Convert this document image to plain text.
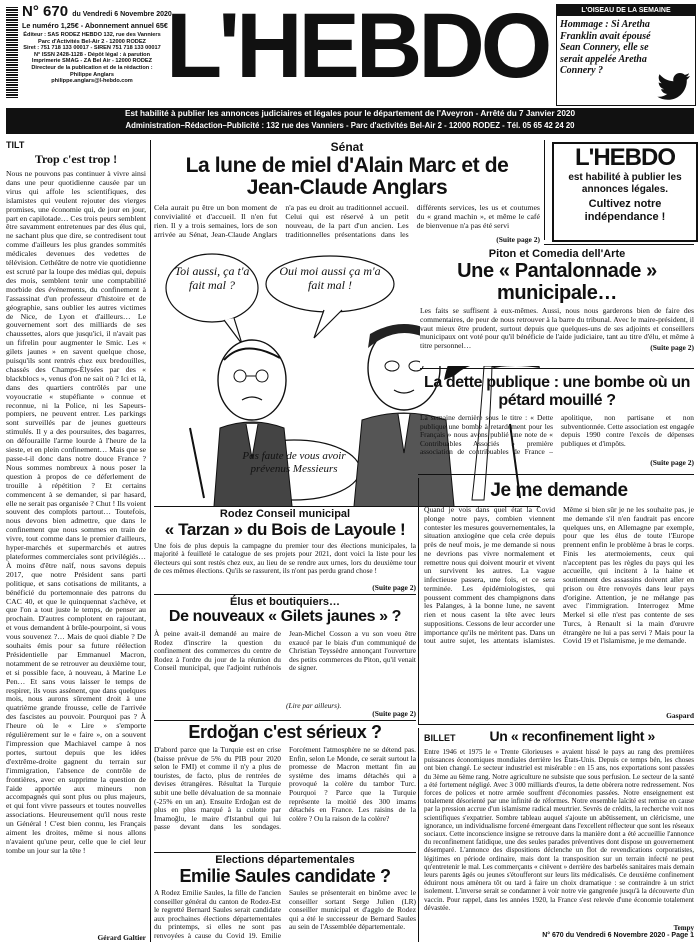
N° 670 du Vendredi 6 Novembre 2020
Le numéro 1,25€ - Abonnement annuel 65€
Éditeur : SAS RODEZ HEBDO 132, rue des Vanniers
Parc d'Activités Bel-Air 2 - 12000 RODEZ
Siret : 751 718 133 00017 - SIREN 751 718 133 00017
N° ISSN 2428-1128 - Dépôt légal : à parution
Imprimerie SMAG - ZA Bel Air - 12000 RODEZ
Directeur de la publication et de la rédaction : Philippe Anglars
philippe.anglars@l-hebdo.com L'HEBDO	L'OISEAU DE LA SEMAINE
Hommage : Si Aretha Franklin avait épousé Sean Connery, elle se serait appelée Aretha Connery ?
Est habilité à publier les annonces judiciaires et légales pour le département de l'Aveyron - Arrêté du 7 Janvier 2020
Administration–Rédaction–Publicité : 132 rue des Vanniers - Parc d'activités Bel-Air 2 - 12000 RODEZ - Tél. 05 65 42 24 20
TILT
Trop c'est trop !

Nous ne pouvons pas continuer à vivre ainsi dans une peur quotidienne causée par un virus qui affole les scientifiques, des islamistes qui veulent rejouter des vierges promises, une économie qui, de jour en jour, part en capilotade… Ces trois peurs semblent être savamment entretenues par des élus qui, ne sachant plus que dire, se contredisent tout comme d'ailleurs les plus grandes sommités médicales devenues des vedettes de télévision. Cethéâtre de notre vie quotidienne est scruté par la loupe des médias qui, depuis des mois, semblent tenir une comptabilité morbide des événements, du confinement à l'assassinat d'un professeur d'histoire et de géographie, sans oublier les autres victimes de Nice, de Lyon et d'ailleurs… Le gouvernement sort des milliards de ses chaussettes, alors que jusqu'ici, il n'avait pas un fifrelin pour augmenter le Smic. Les « gilets jaunes » en savent quelque chose, puisqu'ils sont rentrés chez eux bredouilles, chassés des Champs-Élysées par des « blackblocs », venus d'on ne sait où ? Ici et là, dans des quartiers contrôlés par une voyoucratie « stupéfiante » connue et reconnue, ni la Police, ni les Sapeurs-pompiers, ne peuvent entrer. Les parkings sont surveillés par de jeunes guetteurs stimulés. Il y a des poursuites, des bagarres, on défouraille l'arme lourde à l'heure de la sieste, et en plein confinement… Mais que se passe-t-il donc dans notre douce France ? Nous sommes nombreux à nous poser la question à propos de ce déferlement de trouille à répétition ? Et certains commencent à se demander, si par hasard, elle ne serait pas organisée ? Chut ! Ils voient souvent des complots partout… Toutefois, nous devons bien admettre, que dans le confinement que nous sommes en train de vivre, tout comme dans le premier d'ailleurs, hyper-marchés et supermarchés et autres plateformes commerciales sont privilégiés… À moins d'être naïf, nous savons depuis 2017, que notre Président sans parti politique, et sans cotisations de militants, a bénéficié du portemonnaie des patrons du CAC 40, et que le quinquennat s'achève, et que l'on a tout juste le temps, de penser au prochain. D'autres complotent en rajoutant, et vous demandent à brûle-pourpoint, si vous vous souvenez ?… Mais de quoi diable ? De souhaits émis pour sa future réélection Présidentielle par Emmanuel Macron, notamment de se retrouver au deuxième tour, et si possible face, à nouveau, à Marine Le Pen… Et sans vous laisser le temps de respirer, ils vous assènent, que dans quelques mois, nous aurons sûrement droit à une quatrième grande frousse, celle de l'arrivée des fascistes au pouvoir. Pourquoi pas ? À l'heure où le « Lire » s'emporte régulièrement sur le « faire », on a souvent l'impression que Machiavel campe à nos portes, surtout depuis que les idées d'extrême-droite gagnent du terrain sur l'immigration, l'absence de contrôle de frontières, avec en supprime la question de l'aide apportée aux mineurs non accompagnés qui sont plus ou plus majeurs, et qui font vivre passeurs et toutes nouvelles associations. Heureusement qu'il nous reste un Général ! C'est bien connu, les Français aiment les droites, même si nous allons n'avaient qu'une peur, celle que le ciel leur tombe un jour sur la tête !

Gérard Galtier
Sénat
La lune de miel d'Alain Marc et de Jean-Claude Anglars

Cela aurait pu être un bon moment de convivialité et d'accueil. Il n'en fut rien. Il y a trois semaines, lors de son arrivée au Sénat, Jean-Claude Anglars n'a pas eu droit au traditionnel accueil. Celui qui est réservé à un petit nouveau, de la part d'un ancien. Les traditionnelles présentations dans les différents services, les us et coutumes du « grand machin », et même le café de bienvenue n'a pas été servi

(Suite page 2)
Toi aussi, ça t'a fait mal ?
Oui moi aussi ça m'a fait mal !
Pas faute de vous avoir prévenus Messieurs
L'HEBDO
est habilité à publier les annonces légales.
Cultivez notre indépendance !
Piton et Comedia dell'Arte
Une « Pantalonnade » municipale…

Les faits se suffisent à eux-mêmes. Aussi, nous nous garderons bien de faire des commentaires, de peur de nous retrouver à la barre du tribunal. Avec le maire-président, il vaut mieux être prudent, surtout depuis que quelques-uns de ses adjoints et conseillers municipaux ont voté pour qu'il bénéficie de l'aide judiciaire, tant au titre d'élu, et même à titre personnel…	(Suite page 2)
La dette publique : une bombe où un pétard mouillé ?

La semaine dernière sous le titre : « Dette publique une bombe à retardement pour les Français » nous avons publié une note de « Contribuables Associés » première association de contribuables de France – apolitique, non partisane et non subventionnée. Cette association est engagée depuis 1990 contre l'excès de dépenses publiques et d'impôts.

(Suite page 2)
Rodez Conseil municipal
« Tarzan » du Bois de Layoule !

Une fois de plus depuis la campagne du premier tour des élections municipales, la majorité à feuilleté le catalogue de ses projets pour 2021, dont voici la liste pour les électeurs qui sont restés chez eux, au lieu de se rendre aux urnes, lors du deuxième tour de ces mêmes élections. Qu'ils se rassurent, ils n'ont pas perdu grand chose !

(Suite page 2)
Élus et boutiquiers…
De nouveaux « Gilets jaunes » ?

À peine avait-il demandé au maire de Rodez d'inscrire la question du confinement des commerces du centre de Rodez à l'ordre du jour de la réunion du Conseil municipal, que l'adjoint ruthénois Jean-Michel Cosson a vu son voeu être exaucé par le biais d'un communiqué de Christian Teyssèdre annonçant l'ouverture des petits commerces du Piton, qu'il venait de signer.

(Lire par ailleurs).
(Suite page 2)
Je me demande

Quand je vois dans quel état la Covid plonge notre pays, combien viennent contester les mesures gouvernementales, la situation anxiogène que cela crée depuis près de neuf mois, je me demande si nous ne devrions pas vivre normalement et remettre nous qui doivent mourir et vivent un survivent les autres. La vague infectieuse passera, une fois, et ce sera terminée. Les épidémiologistes, qui poussent comment des champignons dans les Palanges, à la bonne lune, ne savent rien et nous casent la tête avec leurs suppositions. Cessons de leur accorder une importance qu'ils ne méritent pas. Dans un tout autre sujet, les attentats islamistes. Même si bien sûr je ne les souhaite pas, je me demande s'il n'en faudrait pas encore quelques uns, en Allemagne par exemple, pour que les élus de toute l'Europe prennent enfin le problème à bras le corps. Finis les atermoiements, ceux qui n'acceptent pas les règles du pays qui les accueille, qui incitent à la haine et soutiennent des assassins doivent aller en prison ou être renvoyés dans leur pays d'origine. Attention, je ne mélange pas avec l'immigration. Interrogez Mme Merkel si elle n'est pas contente de ses Turcs, à Renault si la main d'œuvre étrangère ne lui a pas servi ? Mais pour la Covid 19 et l'islamisme, je me demande.

Gaspard
Erdoğan c'est sérieux ?

D'abord parce que la Turquie est en crise (baisse prévue de 5% du PIB pour 2020 selon le FMI) et comme il n'y a plus de touristes, de facto, plus de rentrées de devises étrangères. Résultat la Turquie subit une belle dévaluation de sa monnaie (-25% en un an). Ensuite Erdoğan est de plus en plus marqué à la culotte par İmamoğlu, le maire d'Istanbul qui lui passe devant dans les sondages. Forcément l'atmosphère ne se détend pas. Enfin, selon Le Monde, ce serait surtout la promesse de Macron mettant fin au système des imams détachés qui a provoqué la colère du tambor Turc. Pourquoi ? Parce que la Turquie représente la moitié des 300 imams détachés en France. Les raisins de la colère ? Ou la raison de la colère?

Elections départementales
Emilie Saules candidate ?

A Rodez Emilie Saules, la fille de l'ancien conseiller général du canton de Rodez-Est le regretté Bernard Saules serait candidate aux prochaines élections départementales du printemps, si elles ne sont pas renvoyées à cause du Covid 19. Emilie Saules se présenterait en binôme avec le conseiller sortant Serge Julien (LR) conseiller municipal et d'agglo de Rodez qui a été le successeur de Bernard Saules au sein de l'Assemblée départementale.

BILLET Un « reconfinement light »

Entre 1946 et 1975 le « Trente Glorieuses » avaient hissé le pays au rang des premières puissances économiques mondiales derrière les États-Unis. Depuis ce temps bén, les choses ont bien changé. Le secteur industriel est misérable : en 15 ans, nos exportations sont passées du 3ème au 6ème rang. Notre agriculture ne subsiste que sous perfusion. Le secteur de la santé a été fortement négligé. Avec 3 000 milliards d'euros, la dette obèrera notre redressement. Nos forces de polices et notre armée souffrent d'économies passées. Notre enseignement est totalement désorienté par une infinité de réformes. Notre ensemble laïcité est remise en cause par la pression accrue d'un islamisme radical meurtrier. Sevrés de crédits, la recherche voit nos scientifiques s'expatrier. Sombre tableau auquel s'ajoute un abêtissement, un cléricisme, une ignorance, un individualisme forcené émergeant dans l'excellent réflecteur que sont les réseaux sociaux. Cette inconscience insigne se retrouve dans la manière dont a été accueillie l'annonce du reconfinement fatidique, une des seules parades préventives dont dispose un gouvernement désemparé. L'annonce des dispositions déclenche un flot de revendications corporatistes, légitimes en période ordinaire, mais dont la transposition sur un terrain infecté ne peut qu'entretenir le mal. Les commerçants « citèvent » derrière des barbelés sanitaires mais demain leurs parents âgés ou jeunes s'étoufferont sur leurs lits médicalisés. Ce deuxième confinement éduiront nous amènera tôt ou tard à faire un choix dramatique : se contraindre à un strict isolement. L'inverse serait se condamner à voir notre vie gangrenée jusqu'à la découverte d'un vaccin. Pour rappel, dans les années 1920, la France s'est relevée d'une économie totalement dévastée.

Tempy
N° 670 du Vendredi 6 Novembre 2020 - Page 1
